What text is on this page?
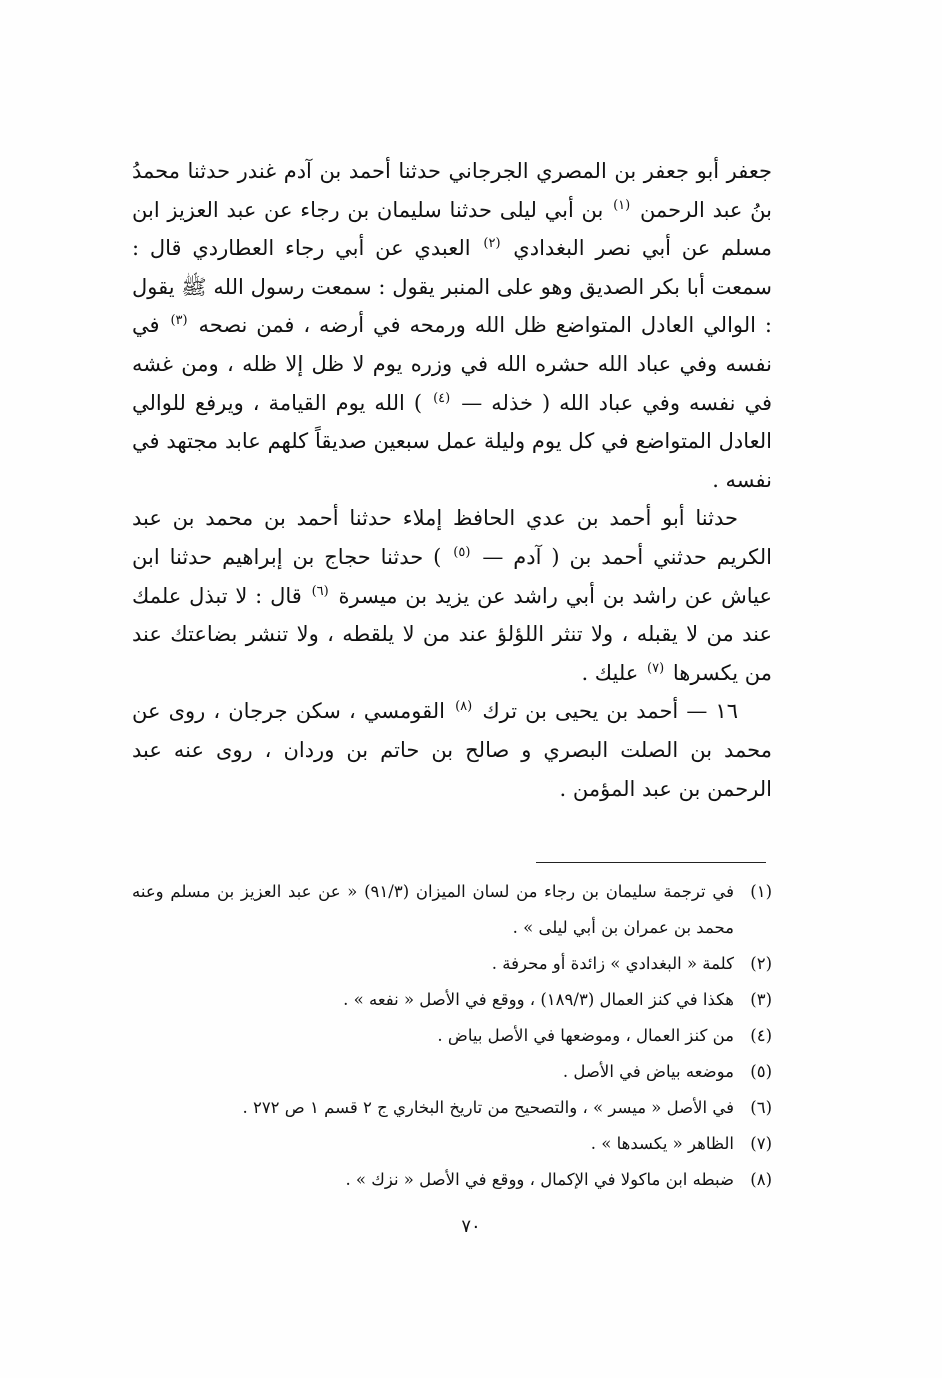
جعفر أبو جعفر بن المصري الجرجاني حدثنا أحمد بن آدم غندر حدثنا محمدُ بنُ عبد الرحمن $^{(١)}$ بن أبي ليلى حدثنا سليمان بن رجاء عن عبد العزيز ابن مسلم عن أبي نصر البغدادي $^{(٢)}$ العبدي عن أبي رجاء العطاردي قال : سمعت أبا بكر الصديق وهو على المنبر يقول : سمعت رسول الله ﷺ يقول : الوالي العادل المتواضع ظل الله ورمحه في أرضه ، فمن نصحه $^{(٣)}$ في نفسه وفي عباد الله حشره الله في وزره يوم لا ظل إلا ظله ، ومن غشه في نفسه وفي عباد الله ( خذله — $^{(٤)}$ ) الله يوم القيامة ، ويرفع للوالي العادل المتواضع في كل يوم وليلة عمل سبعين صديقاً كلهم عابد مجتهد في نفسه .

حدثنا أبو أحمد بن عدي الحافظ إملاء حدثنا أحمد بن محمد بن عبد الكريم حدثني أحمد بن ( آدم — $^{(٥)}$ ) حدثنا حجاج بن إبراهيم حدثنا ابن عياش عن راشد بن أبي راشد عن يزيد بن ميسرة $^{(٦)}$ قال : لا تبذل علمك عند من لا يقبله ، ولا تنثر اللؤلؤ عند من لا يلقطه ، ولا تنشر بضاعتك عند من يكسرها $^{(٧)}$ عليك .

١٦ — أحمد بن يحيى بن ترك $^{(٨)}$ القومسي ، سكن جرجان ، روى عن محمد بن الصلت البصري و صالح بن حاتم بن وردان ، روى عنه عبد الرحمن بن عبد المؤمن .

(١)
في ترجمة سليمان بن رجاء من لسان الميزان (٩١/٣) « عن عبد العزيز بن مسلم وعنه محمد بن عمران بن أبي ليلى » .
(٢)
كلمة « البغدادي » زائدة أو محرفة .
(٣)
هكذا في كنز العمال (١٨٩/٣) ، ووقع في الأصل « نفعه » .
(٤)
من كنز العمال ، وموضعها في الأصل بياض .
(٥)
موضعه بياض في الأصل .
(٦)
في الأصل « ميسر » ، والتصحيح من تاريخ البخاري ج ٢ قسم ١ ص ٢٧٢ .
(٧)
الظاهر « يكسدها » .
(٨)
ضبطه ابن ماكولا في الإكمال ، ووقع في الأصل « نزك » .
٧٠
